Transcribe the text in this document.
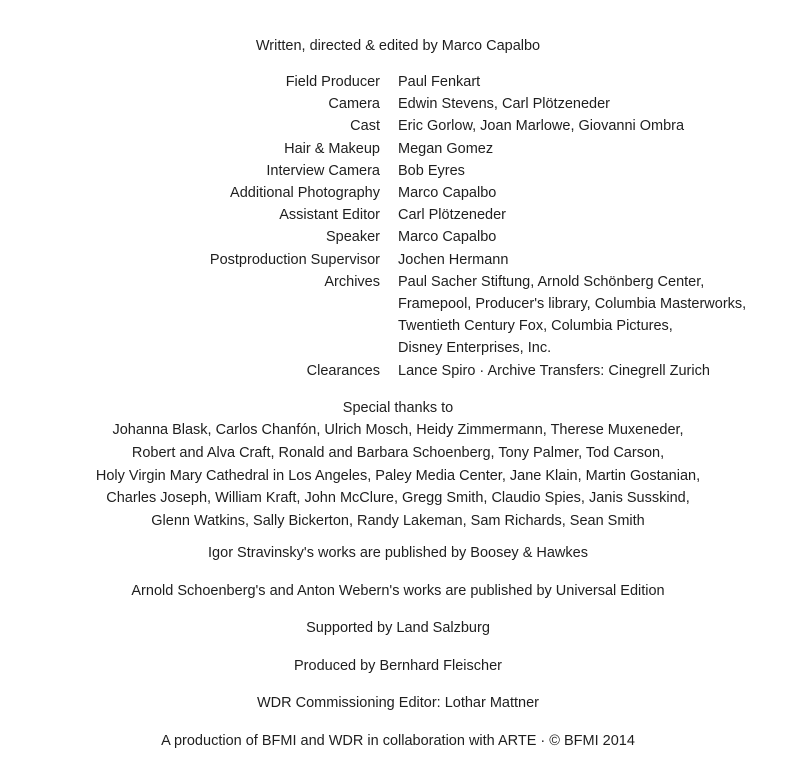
Written, directed & edited by Marco Capalbo
Field Producer Paul Fenkart
Camera Edwin Stevens, Carl Plötzeneder
Cast Eric Gorlow, Joan Marlowe, Giovanni Ombra
Hair & Makeup Megan Gomez
Interview Camera Bob Eyres
Additional Photography Marco Capalbo
Assistant Editor Carl Plötzeneder
Speaker Marco Capalbo
Postproduction Supervisor Jochen Hermann
Archives Paul Sacher Stiftung, Arnold Schönberg Center,
Framepool, Producer's library, Columbia Masterworks,
Twentieth Century Fox, Columbia Pictures,
Disney Enterprises, Inc.
Clearances Lance Spiro · Archive Transfers: Cinegrell Zurich
Special thanks to
Johanna Blask, Carlos Chanfón, Ulrich Mosch, Heidy Zimmermann, Therese Muxeneder,
Robert and Alva Craft, Ronald and Barbara Schoenberg, Tony Palmer, Tod Carson,
Holy Virgin Mary Cathedral in Los Angeles, Paley Media Center, Jane Klain, Martin Gostanian,
Charles Joseph, William Kraft, John McClure, Gregg Smith, Claudio Spies, Janis Susskind,
Glenn Watkins, Sally Bickerton, Randy Lakeman, Sam Richards, Sean Smith
Igor Stravinsky's works are published by Boosey & Hawkes
Arnold Schoenberg's and Anton Webern's works are published by Universal Edition
Supported by Land Salzburg
Produced by Bernhard Fleischer
WDR Commissioning Editor: Lothar Mattner
A production of BFMI and WDR in collaboration with ARTE · © BFMI 2014
